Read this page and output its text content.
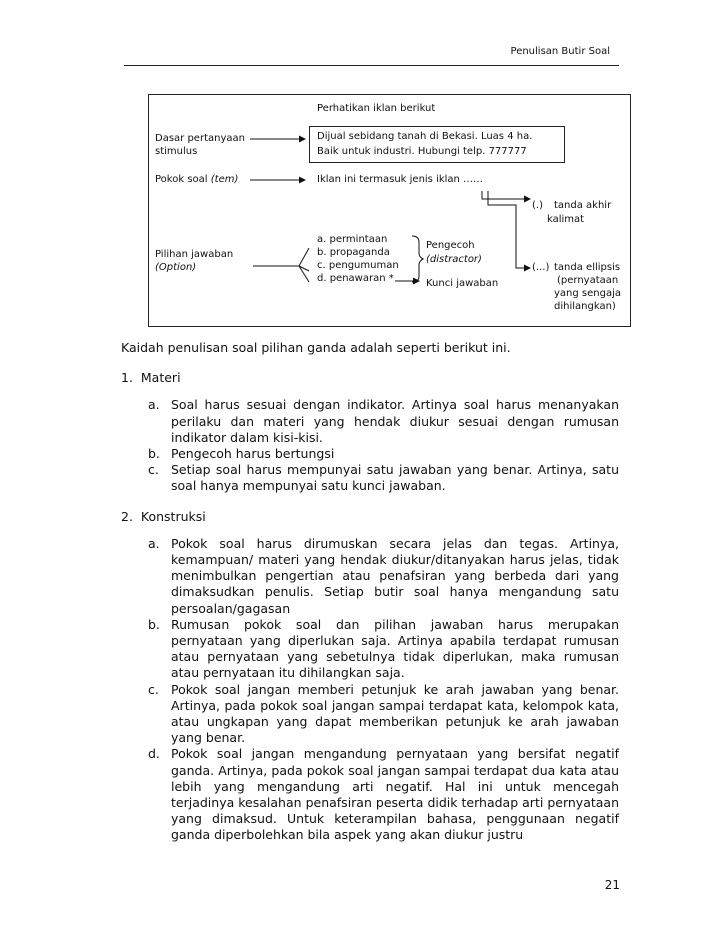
Penulisan Butir Soal
Perhatikan iklan berikut
Dasar pertanyaan
stimulus
Dijual sebidang tanah di Bekasi. Luas 4 ha.
Baik untuk industri. Hubungi telp. 777777
Pokok soal (tem)	Iklan ini termasuk jenis iklan ……
(.) tanda akhir
kalimat
a. permintaan
b. propaganda
c. pengumuman
d. penawaran *
Pilihan jawaban
(Option)
Pengecoh
(distractor)
Kunci jawaban
(...) tanda ellipsis
(pernyataan
yang sengaja
dihilangkan)

Kaidah penulisan soal pilihan ganda adalah seperti berikut ini.

1. Materi

a. Soal harus sesuai dengan indikator. Artinya soal harus menanyakan perilaku dan materi yang hendak diukur sesuai dengan rumusan indikator dalam kisi-kisi.
b. Pengecoh harus bertungsi
c. Setiap soal harus mempunyai satu jawaban yang benar. Artinya, satu soal hanya mempunyai satu kunci jawaban.

2. Konstruksi

a. Pokok soal harus dirumuskan secara jelas dan tegas. Artinya, kemampuan/ materi yang hendak diukur/ditanyakan harus jelas, tidak menimbulkan pengertian atau penafsiran yang berbeda dari yang dimaksudkan penulis. Setiap butir soal hanya mengandung satu persoalan/gagasan
b. Rumusan pokok soal dan pilihan jawaban harus merupakan pernyataan yang diperlukan saja. Artinya apabila terdapat rumusan atau pernyataan yang sebetulnya tidak diperlukan, maka rumusan atau pernyataan itu dihilangkan saja.
c. Pokok soal jangan memberi petunjuk ke arah jawaban yang benar. Artinya, pada pokok soal jangan sampai terdapat kata, kelompok kata, atau ungkapan yang dapat memberikan petunjuk ke arah jawaban yang benar.
d. Pokok soal jangan mengandung pernyataan yang bersifat negatif ganda. Artinya, pada pokok soal jangan sampai terdapat dua kata atau lebih yang mengandung arti negatif. Hal ini untuk mencegah terjadinya kesalahan penafsiran peserta didik terhadap arti pernyataan yang dimaksud. Untuk keterampilan bahasa, penggunaan negatif ganda diperbolehkan bila aspek yang akan diukur justru
21
